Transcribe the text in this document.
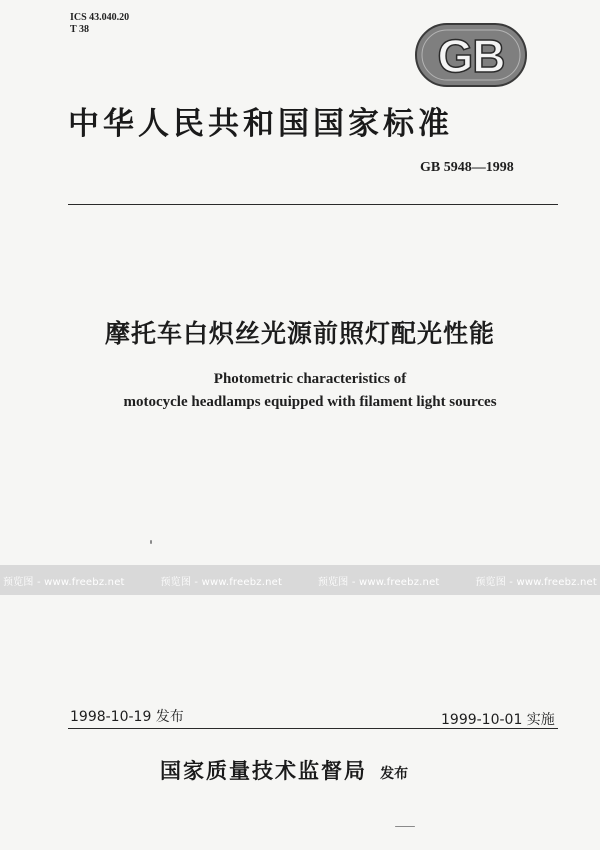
ICS 43.040.20
T 38
GB
中华人民共和国国家标准
GB 5948—1998
摩托车白炽丝光源前照灯配光性能
Photometric characteristics of
motocycle headlamps equipped with filament light sources
预览图 - www.freebz.net	预览图 - www.freebz.net	预览图 - www.freebz.net	预览图 - www.freebz.net
1998-10-19 发布	1999-10-01 实施
国家质量技术监督局 发布
